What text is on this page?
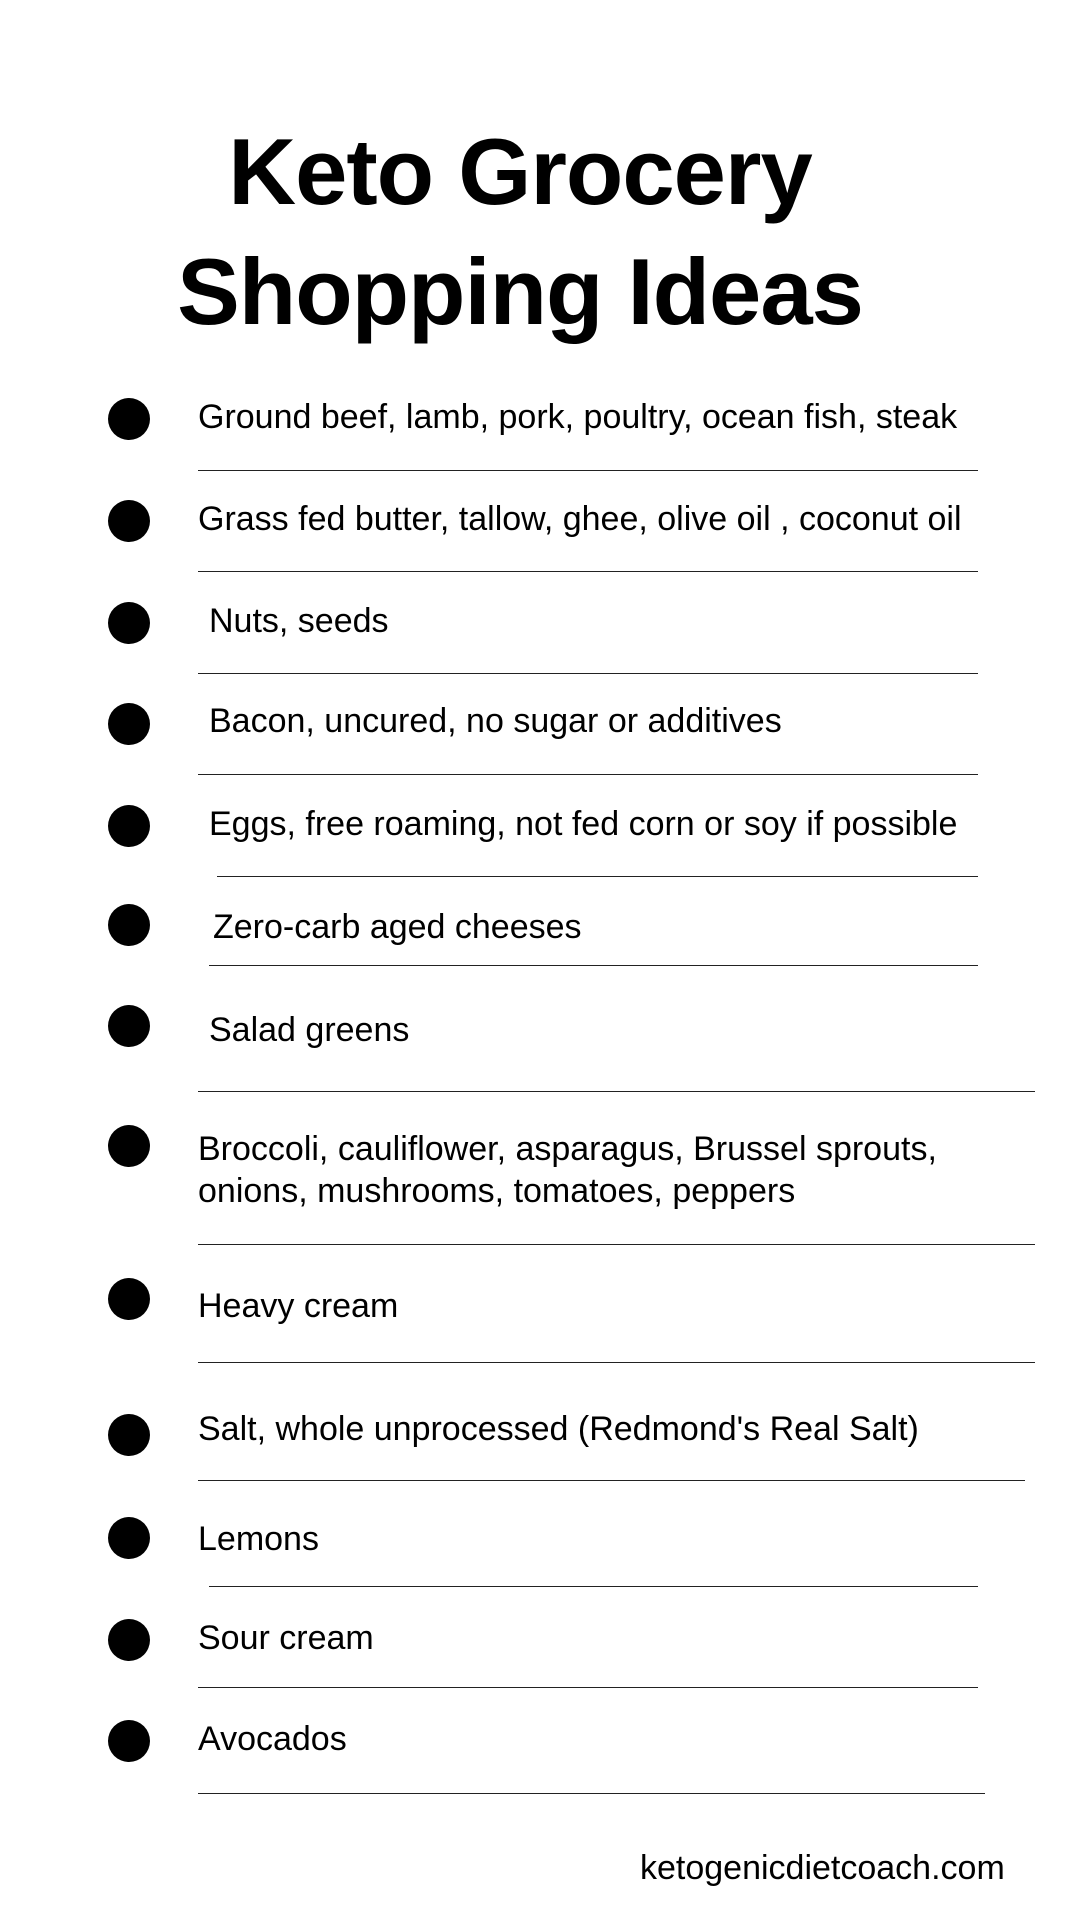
Keto Grocery
Shopping Ideas
Ground beef, lamb, pork, poultry, ocean fish, steak
Grass fed butter, tallow, ghee, olive oil , coconut oil
Nuts, seeds
Bacon, uncured, no sugar or additives
Eggs, free roaming, not fed corn or soy if possible
Zero-carb aged cheeses
Salad greens
Broccoli, cauliflower, asparagus, Brussel sprouts, onions, mushrooms, tomatoes, peppers
Heavy cream
Salt, whole unprocessed (Redmond's Real Salt)
Lemons
Sour cream
Avocados
ketogenicdietcoach.com
